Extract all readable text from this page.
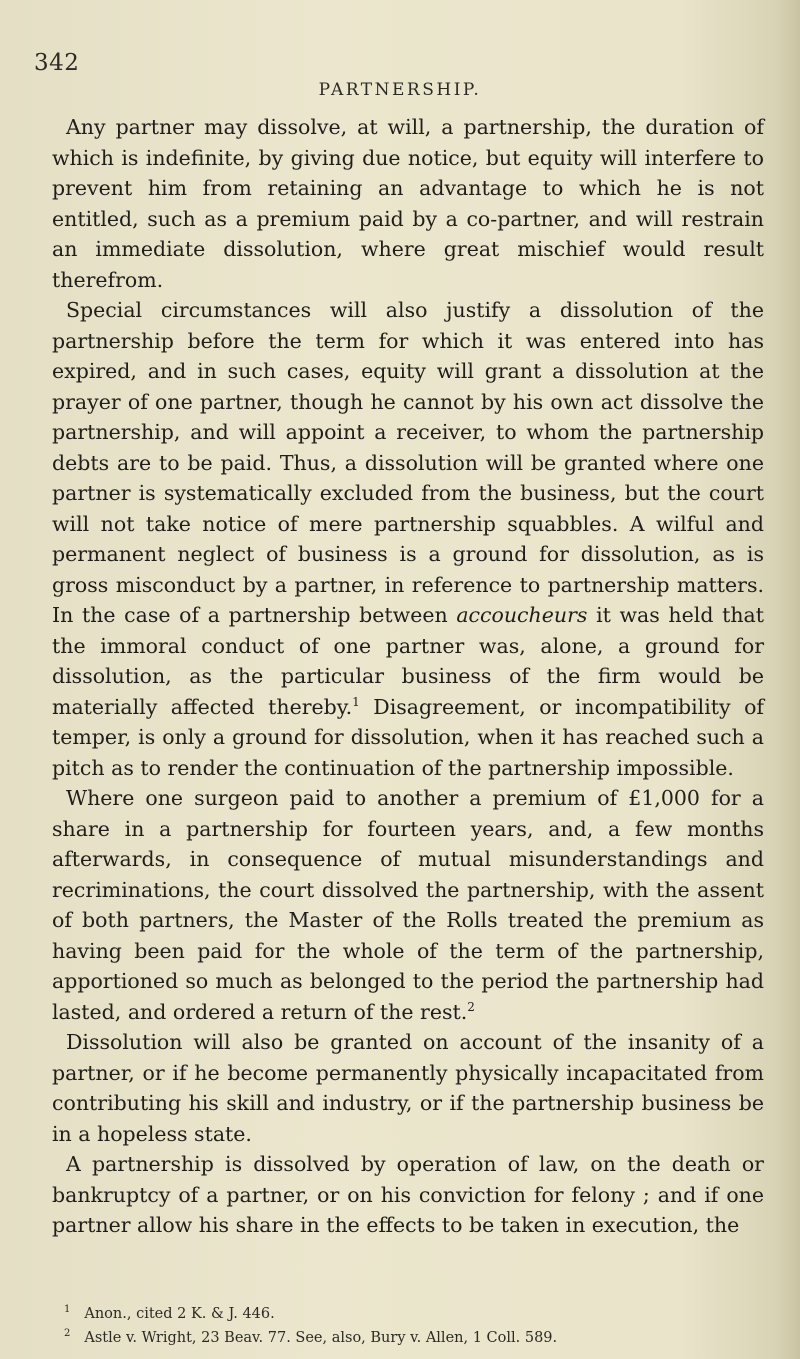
342
PARTNERSHIP.

Any partner may dissolve, at will, a partnership, the duration of which is indefinite, by giving due notice, but equity will interfere to prevent him from retaining an advantage to which he is not entitled, such as a premium paid by a co-partner, and will restrain an immediate dissolution, where great mischief would result therefrom.

Special circumstances will also justify a dissolution of the partnership before the term for which it was entered into has expired, and in such cases, equity will grant a dissolution at the prayer of one partner, though he cannot by his own act dissolve the partnership, and will appoint a receiver, to whom the partnership debts are to be paid. Thus, a dissolution will be granted where one partner is systematically excluded from the business, but the court will not take notice of mere partnership squabbles. A wilful and permanent neglect of business is a ground for dissolution, as is gross misconduct by a partner, in reference to partnership matters. In the case of a partnership between accoucheurs it was held that the immoral conduct of one partner was, alone, a ground for dissolution, as the particular business of the firm would be materially affected thereby.$^1$ Disagreement, or incompatibility of temper, is only a ground for dissolution, when it has reached such a pitch as to render the continuation of the partnership impossible.

Where one surgeon paid to another a premium of £1,000 for a share in a partnership for fourteen years, and, a few months afterwards, in consequence of mutual misunderstandings and recriminations, the court dissolved the partnership, with the assent of both partners, the Master of the Rolls treated the premium as having been paid for the whole of the term of the partnership, apportioned so much as belonged to the period the partnership had lasted, and ordered a return of the rest.$^2$

Dissolution will also be granted on account of the insanity of a partner, or if he become permanently physically incapacitated from contributing his skill and industry, or if the partnership business be in a hopeless state.

A partnership is dissolved by operation of law, on the death or bankruptcy of a partner, or on his conviction for felony ; and if one partner allow his share in the effects to be taken in execution, the

$^1$ Anon., cited 2 K. & J. 446.

$^2$ Astle v. Wright, 23 Beav. 77. See, also, Bury v. Allen, 1 Coll. 589.
